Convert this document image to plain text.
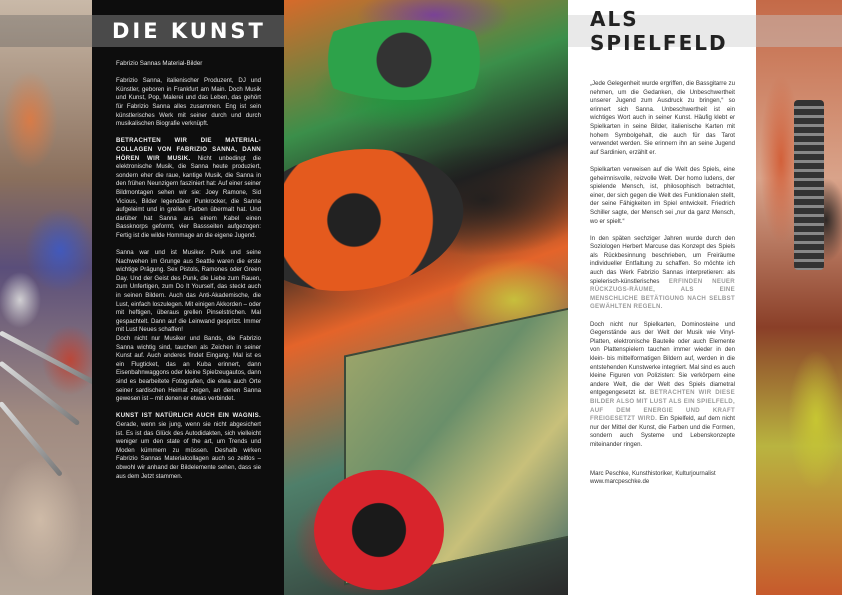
DIE KUNST	ALS SPIELFELD

Fabrizio Sannas Material-Bilder

Fabrizio Sanna, italienischer Produzent, DJ und Künstler, geboren in Frankfurt am Main. Doch Musik und Kunst, Pop, Malerei und das Leben, das gehört für Fabrizio Sanna alles zusammen. Eng ist sein künstlerisches Werk mit seiner durch und durch musikalischen Biografie verknüpft.

BETRACHTEN WIR DIE MATERIAL-COLLAGEN VON FABRIZIO SANNA, DANN HÖREN WIR MUSIK. Nicht unbedingt die elektronische Musik, die Sanna heute produziert, sondern eher die raue, kantige Musik, die Sanna in den frühen Neunzigern fasziniert hat: Auf einer seiner Bildmontagen sehen wir sie: Joey Ramone, Sid Vicious, Bilder legendärer Punkrocker, die Sanna aufgeleimt und in grellen Farben übermalt hat. Und darüber hat Sanna aus einem Kabel einen Bassknorps geformt, vier Bassseiten aufgezogen: Fertig ist die wilde Hommage an die eigene Jugend.

Sanna war und ist Musiker. Punk und seine Nachwehen im Grunge aus Seattle waren die erste wichtige Prägung. Sex Pistols, Ramones oder Green Day. Und der Geist des Punk, die Liebe zum Rauen, zum Unfertigen, zum Do It Yourself, das steckt auch in seinen Bildern. Auch das Anti-Akademische, die Lust, einfach loszulegen. Mit einigen Akkorden – oder mit heftigen, überaus grellen Pinselstrichen. Mal gespachtelt. Dann auf die Leinwand gespritzt. Immer mit Lust Neues schaffen!

Doch nicht nur Musiker und Bands, die Fabrizio Sanna wichtig sind, tauchen als Zeichen in seiner Kunst auf. Auch anderes findet Eingang. Mal ist es ein Flugticket, das an Kuba erinnert, dann Eisenbahnwaggons oder kleine Spielzeugautos, dann sind es bearbeitete Fotografien, die etwa auch Orte seiner sardischen Heimat zeigen, an denen Sanna gewesen ist – mit denen er etwas verbindet.

KUNST IST NATÜRLICH AUCH EIN WAGNIS. Gerade, wenn sie jung, wenn sie nicht abgesichert ist. Es ist das Glück des Autodidakten, sich vielleicht weniger um den state of the art, um Trends und Moden kümmern zu müssen. Deshalb wirken Fabrizio Sannas Materialcollagen auch so zeitlos – obwohl wir anhand der Bildelemente sehen, dass sie aus dem Jetzt stammen.

„Jede Gelegenheit wurde ergriffen, die Bassgitarre zu nehmen, um die Gedanken, die Unbeschwertheit unserer Jugend zum Ausdruck zu bringen,“ so erinnert sich Sanna. Unbeschwertheit ist ein wichtiges Wort auch in seiner Kunst. Häufig klebt er Spielkarten in seine Bilder, italienische Karten mit hohem Symbolgehalt, die auch für das Tarot verwendet werden. Sie erinnern ihn an seine Jugend auf Sardinien, erzählt er.

Spielkarten verweisen auf die Welt des Spiels, eine geheimnisvolle, reizvolle Welt. Der homo ludens, der spielende Mensch, ist, philosophisch betrachtet, einer, der sich gegen die Welt des Funktionalen stellt, der seine Fähigkeiten im Spiel entwickelt. Friedrich Schiller sagte, der Mensch sei „nur da ganz Mensch, wo er spielt.“

In den späten sechziger Jahren wurde durch den Soziologen Herbert Marcuse das Konzept des Spiels als Rückbesinnung beschrieben, um Freiräume individueller Entfaltung zu schaffen. So möchte ich auch das Werk Fabrizio Sannas interpretieren: als spielerisch-künstlerisches ERFINDEN NEUER RÜCKZUGS-RÄUME, ALS EINE MENSCHLICHE BETÄTIGUNG NACH SELBST GEWÄHLTEN REGELN.

Doch nicht nur Spielkarten, Dominosteine und Gegenstände aus der Welt der Musik wie Vinyl-Platten, elektronische Bauteile oder auch Elemente von Plattenspielern tauchen immer wieder in den klein- bis mittelformatigen Bildern auf, werden in die entstehenden Kunstwerke integriert. Mal sind es auch kleine Figuren von Polizisten: Sie verkörpern eine andere Welt, die der Welt des Spiels diametral entgegengesetzt ist. BETRACHTEN WIR DIESE BILDER ALSO MIT LUST ALS EIN SPIELFELD, AUF DEM ENERGIE UND KRAFT FREIGESETZT WIRD. Ein Spielfeld, auf dem nicht nur der Mittel der Kunst, die Farben und die Formen, sondern auch Systeme und Lebenskonzepte miteinander ringen.

Marc Peschke, Kunsthistoriker, Kulturjournalist
www.marcpeschke.de
